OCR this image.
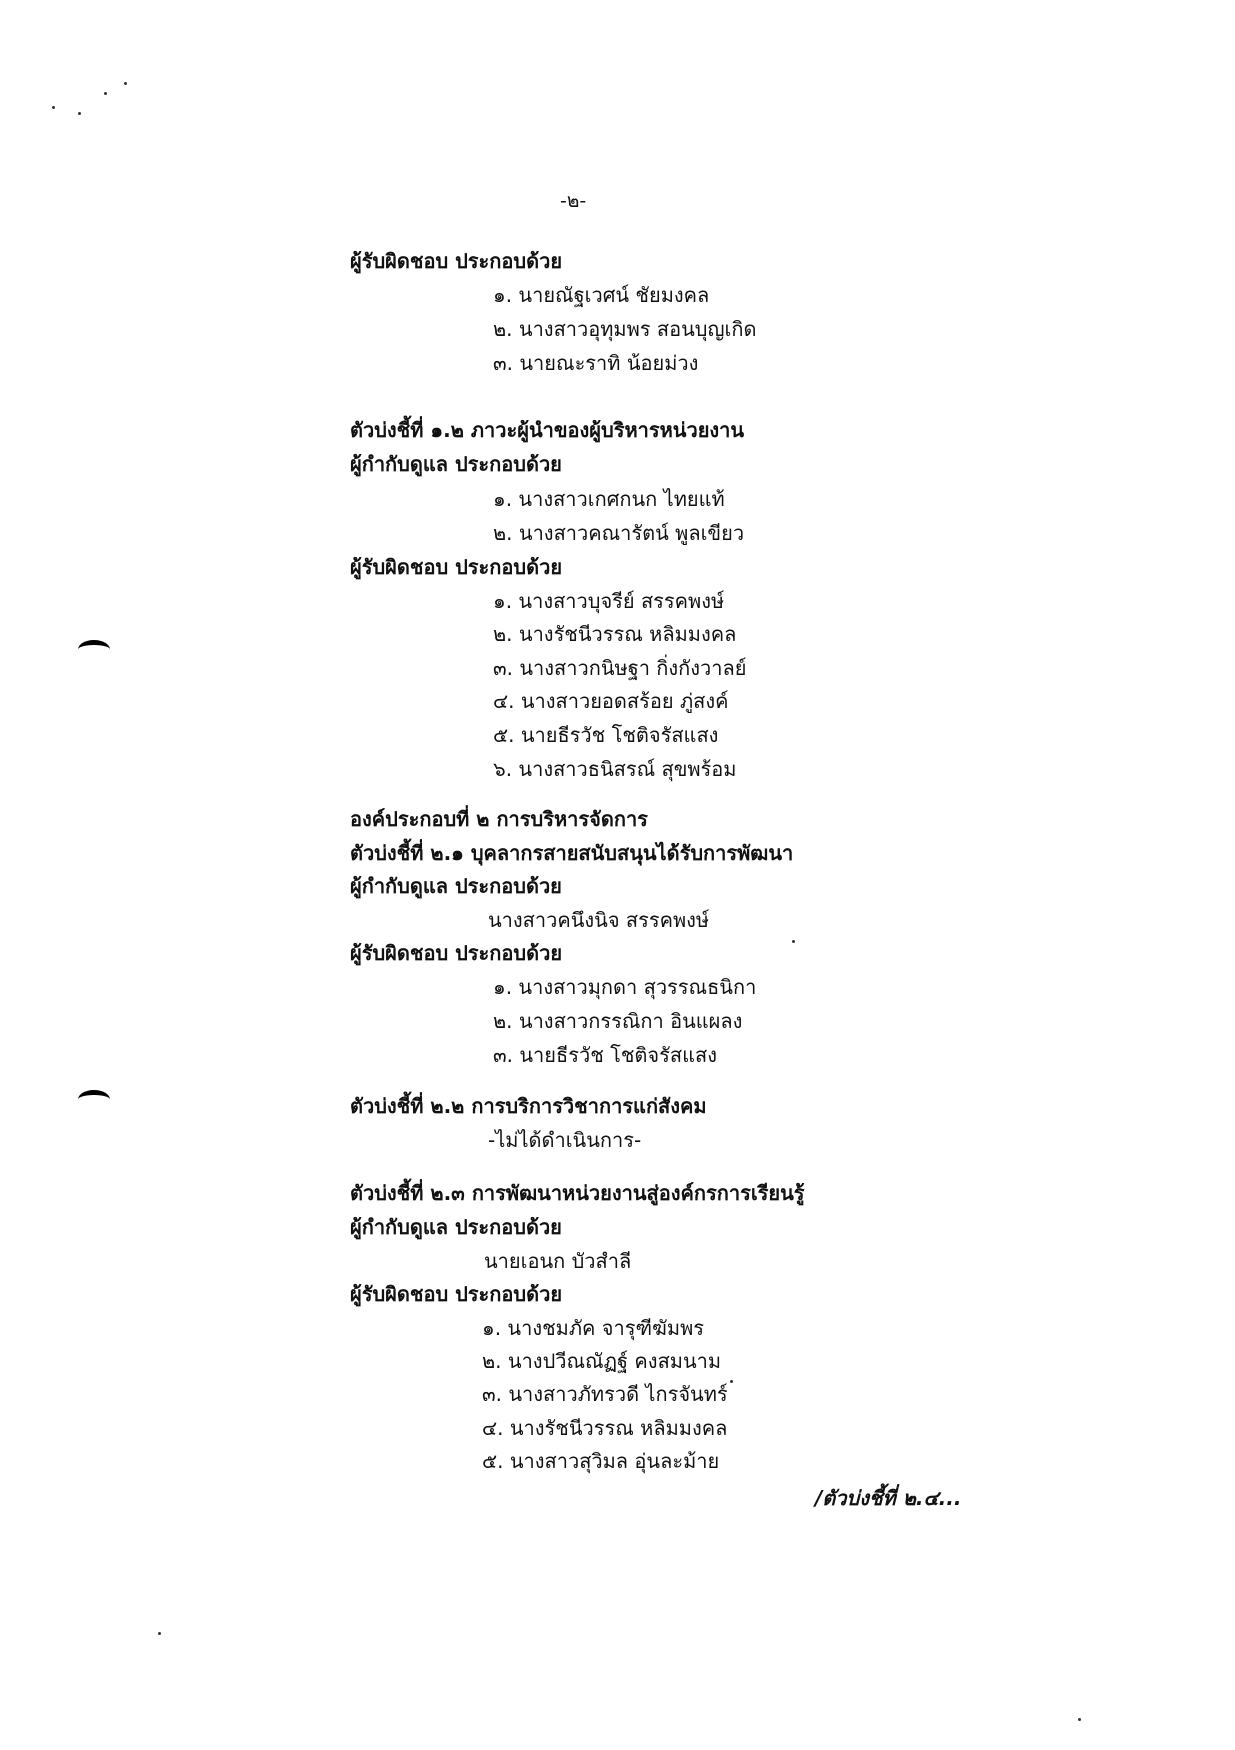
-๒-
ผู้รับผิดชอบ ประกอบด้วย
๑. นายณัฐเวศน์ ชัยมงคล
๒. นางสาวอุทุมพร สอนบุญเกิด
๓. นายณะราทิ น้อยม่วง
ตัวบ่งชี้ที่ ๑.๒ ภาวะผู้นำของผู้บริหารหน่วยงาน
ผู้กำกับดูแล ประกอบด้วย
๑. นางสาวเกศกนก ไทยแท้
๒. นางสาวคณารัตน์ พูลเขียว
ผู้รับผิดชอบ ประกอบด้วย
๑. นางสาวบุจรีย์ สรรคพงษ์
๒. นางรัชนีวรรณ หลิมมงคล
๓. นางสาวกนิษฐา กิ่งกังวาลย์
๔. นางสาวยอดสร้อย ภู่สงค์
๕. นายธีรวัช โชติจรัสแสง
๖. นางสาวธนิสรณ์ สุขพร้อม
องค์ประกอบที่ ๒ การบริหารจัดการ
ตัวบ่งชี้ที่ ๒.๑ บุคลากรสายสนับสนุนได้รับการพัฒนา
ผู้กำกับดูแล ประกอบด้วย
นางสาวคนึงนิจ สรรคพงษ์
ผู้รับผิดชอบ ประกอบด้วย
๑. นางสาวมุกดา สุวรรณธนิกา
๒. นางสาวกรรณิกา อินแผลง
๓. นายธีรวัช โชติจรัสแสง
ตัวบ่งชี้ที่ ๒.๒ การบริการวิชาการแก่สังคม
-ไม่ได้ดำเนินการ-
ตัวบ่งชี้ที่ ๒.๓ การพัฒนาหน่วยงานสู่องค์กรการเรียนรู้
ผู้กำกับดูแล ประกอบด้วย
นายเอนก บัวสำลี
ผู้รับผิดชอบ ประกอบด้วย
๑. นางชมภัค จารุฑีฆัมพร
๒. นางปวีณณัฏฐ์ คงสมนาม
๓. นางสาวภัทรวดี ไกรจันทร์
๔. นางรัชนีวรรณ หลิมมงคล
๕. นางสาวสุวิมล อุ่นละม้าย
/ตัวบ่งชี้ที่ ๒.๔...
